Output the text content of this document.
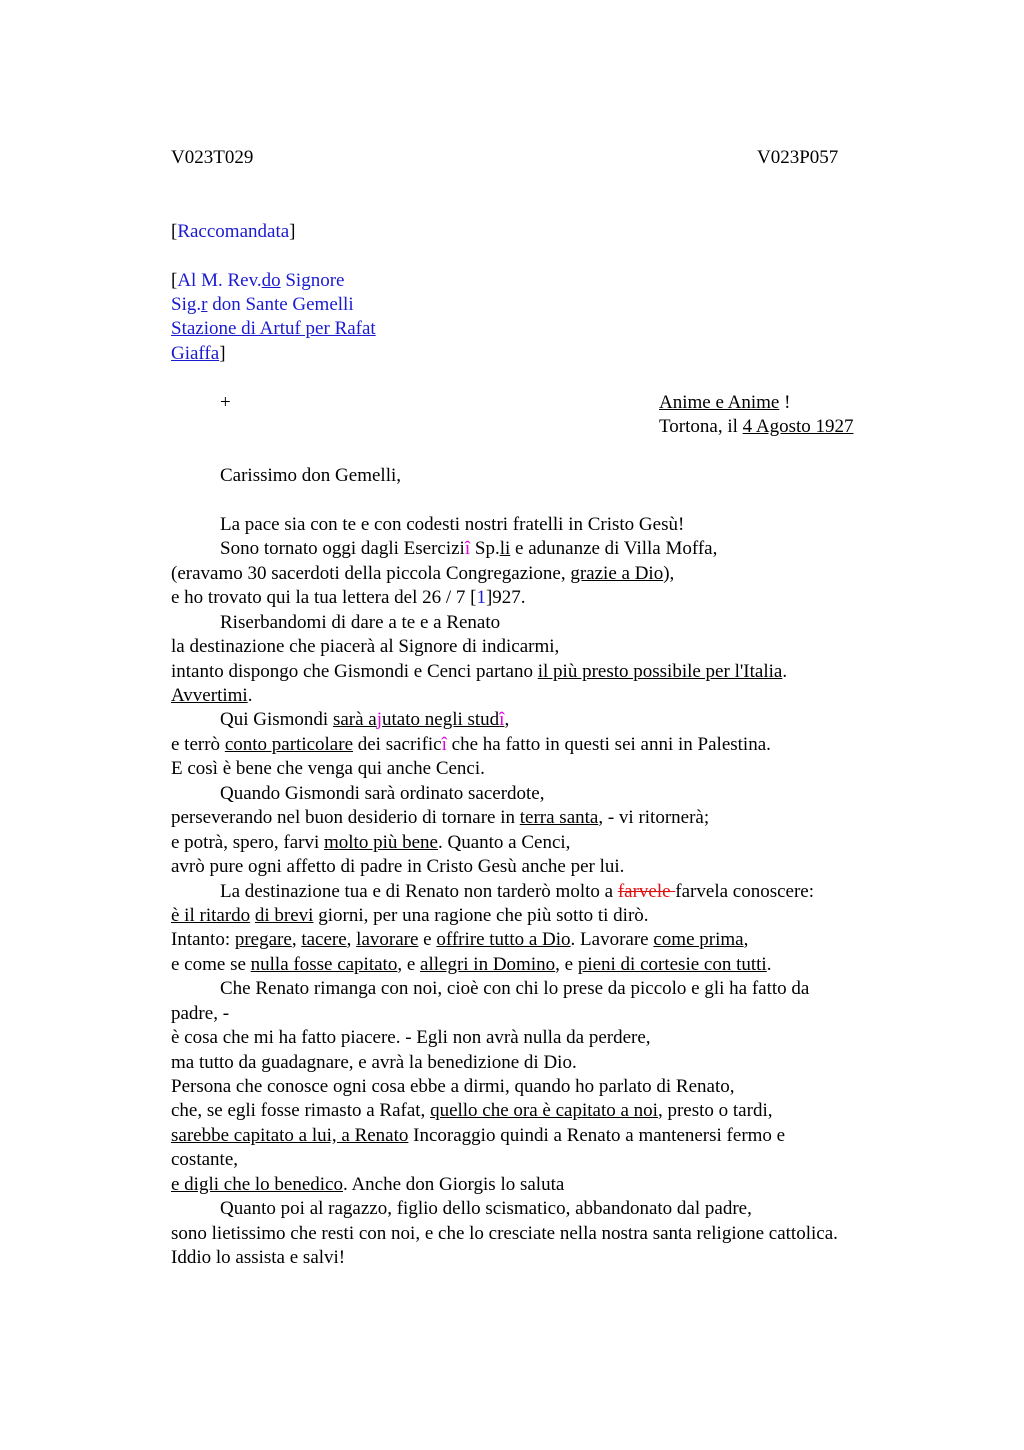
V023T029	V023P057
[Raccomandata]
[Al M. Rev.do Signore
Sig.r don Sante Gemelli
Stazione di Artuf per Rafat
Giaffa]
+	Anime e Anime !
Tortona, il 4 Agosto 1927
Carissimo don Gemelli,
La pace sia con te e con codesti nostri fratelli in Cristo Gesù!
Sono tornato oggi dagli Eserciziî Sp.li e adunanze di Villa Moffa,
(eravamo 30 sacerdoti della piccola Congregazione, grazie a Dio),
e ho trovato qui la tua lettera del 26 / 7 [1]927.
Riserbandomi di dare a te e a Renato
la destinazione che piacerà al Signore di indicarmi,
intanto dispongo che Gismondi e Cenci partano il più presto possibile per l'Italia.
Avvertimi.
Qui Gismondi sarà ajutato negli studî,
e terrò conto particolare dei sacrificî che ha fatto in questi sei anni in Palestina.
E così è bene che venga qui anche Cenci.
Quando Gismondi sarà ordinato sacerdote,
perseverando nel buon desiderio di tornare in terra santa, - vi ritornerà;
e potrà, spero, farvi molto più bene. Quanto a Cenci,
avrò pure ogni affetto di padre in Cristo Gesù anche per lui.
La destinazione tua e di Renato non tarderò molto a farvele farvela conoscere:
è il ritardo di brevi giorni, per una ragione che più sotto ti dirò.
Intanto: pregare, tacere, lavorare e offrire tutto a Dio. Lavorare come prima,
e come se nulla fosse capitato, e allegri in Domino, e pieni di cortesie con tutti.
Che Renato rimanga con noi, cioè con chi lo prese da piccolo e gli ha fatto da
padre, -
è cosa che mi ha fatto piacere. - Egli non avrà nulla da perdere,
ma tutto da guadagnare, e avrà la benedizione di Dio.
Persona che conosce ogni cosa ebbe a dirmi, quando ho parlato di Renato,
che, se egli fosse rimasto a Rafat, quello che ora è capitato a noi, presto o tardi,
sarebbe capitato a lui, a Renato Incoraggio quindi a Renato a mantenersi fermo e
costante,
e digli che lo benedico. Anche don Giorgis lo saluta
Quanto poi al ragazzo, figlio dello scismatico, abbandonato dal padre,
sono lietissimo che resti con noi, e che lo cresciate nella nostra santa religione cattolica.
Iddio lo assista e salvi!
